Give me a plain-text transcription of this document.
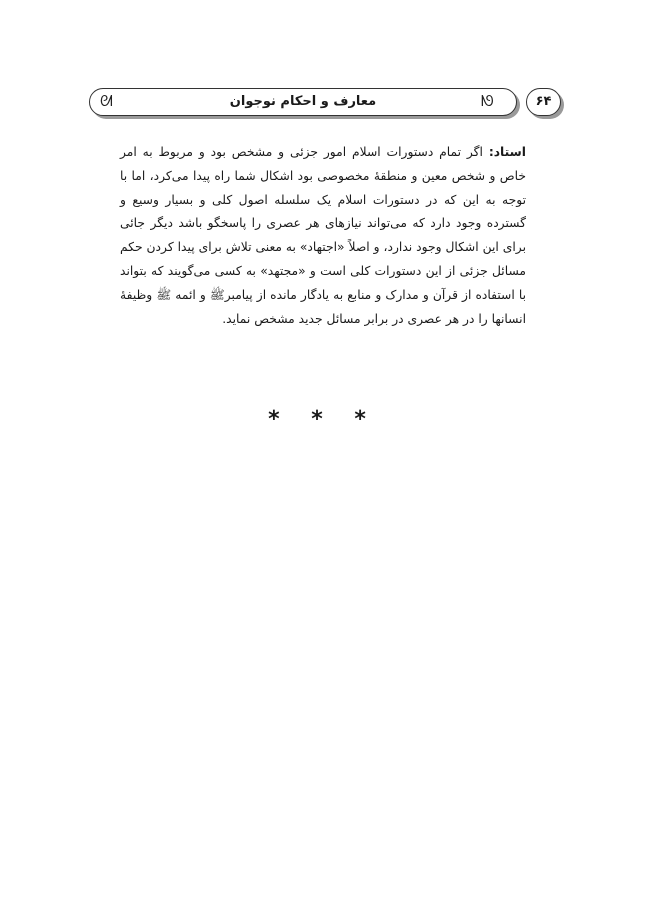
ᘛ	معارف و احکام نوجوان	ᘛ	۶۴

استاد: اگر تمام دستورات اسلام امور جزئی و مشخص بود و مربوط به امر خاص و شخص معین و منطقۀ مخصوصی بود اشکال شما راه پیدا می‌کرد، اما با توجه به این که در دستورات اسلام یک سلسله اصول کلی و بسیار وسیع و گسترده وجود دارد که می‌تواند نیازهای هر عصری را پاسخگو باشد دیگر جائی برای این اشکال وجود ندارد، و اصلاً «اجتهاد» به معنی تلاش برای پیدا کردن حکم مسائل جزئی از این دستورات کلی است و «مجتهد» به کسی می‌گویند که بتواند با استفاده از قرآن و مدارک و منابع به یادگار مانده از پیامبرﷺ و ائمه ﷺ وظیفۀ انسانها را در هر عصری در برابر مسائل جدید مشخص نماید.

* * *
